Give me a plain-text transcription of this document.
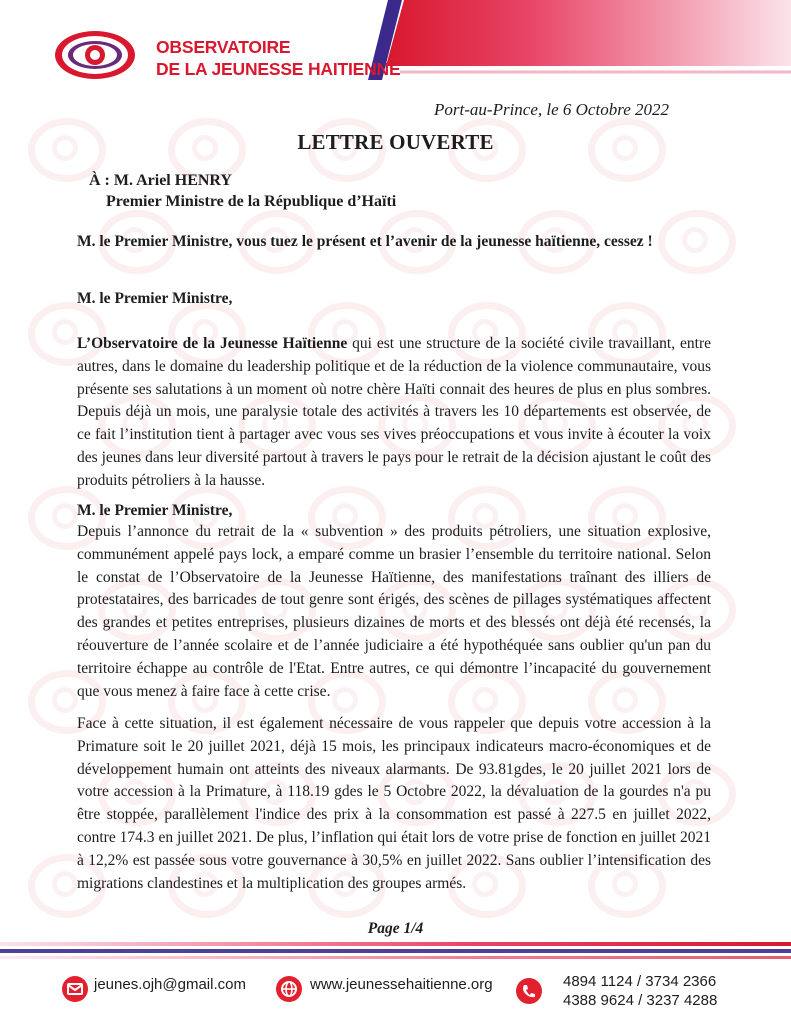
OBSERVATOIRE
DE LA JEUNESSE HAITIENNE
Port-au-Prince, le 6 Octobre 2022
LETTRE OUVERTE
À : M. Ariel HENRY
Premier Ministre de la République d’Haïti
M. le Premier Ministre, vous tuez le présent et l’avenir de la jeunesse haïtienne, cessez !
M. le Premier Ministre,

L’Observatoire de la Jeunesse Haïtienne qui est une structure de la société civile travaillant, entre autres, dans le domaine du leadership politique et de la réduction de la violence communautaire, vous présente ses salutations à un moment où notre chère Haïti connait des heures de plus en plus sombres. Depuis déjà un mois, une paralysie totale des activités à travers les 10 départements est observée, de ce fait l’institution tient à partager avec vous ses vives préoccupations et vous invite à écouter la voix des jeunes dans leur diversité partout à travers le pays pour le retrait de la décision ajustant le coût des produits pétroliers à la hausse.

M. le Premier Ministre,

Depuis l’annonce du retrait de la « subvention » des produits pétroliers, une situation explosive, communément appelé pays lock, a emparé comme un brasier l’ensemble du territoire national. Selon le constat de l’Observatoire de la Jeunesse Haïtienne, des manifestations traînant des illiers de protestataires, des barricades de tout genre sont érigés, des scènes de pillages systématiques affectent des grandes et petites entreprises, plusieurs dizaines de morts et des blessés ont déjà été recensés, la réouverture de l’année scolaire et de l’année judiciaire a été hypothéquée sans oublier qu'un pan du territoire échappe au contrôle de l'Etat. Entre autres, ce qui démontre l’incapacité du gouvernement que vous menez à faire face à cette crise.

Face à cette situation, il est également nécessaire de vous rappeler que depuis votre accession à la Primature soit le 20 juillet 2021, déjà 15 mois, les principaux indicateurs macro-économiques et de développement humain ont atteints des niveaux alarmants. De 93.81gdes, le 20 juillet 2021 lors de votre accession à la Primature, à 118.19 gdes le 5 Octobre 2022, la dévaluation de la gourdes n'a pu être stoppée, parallèlement l'indice des prix à la consommation est passé à 227.5 en juillet 2022, contre 174.3 en juillet 2021. De plus, l’inflation qui était lors de votre prise de fonction en juillet 2021 à 12,2% est passée sous votre gouvernance à 30,5% en juillet 2022. Sans oublier l’intensification des migrations clandestines et la multiplication des groupes armés.

Page 1/4
jeunes.ojh@gmail.com	www.jeunessehaitienne.org	4894 1124 / 3734 2366
4388 9624 / 3237 4288
